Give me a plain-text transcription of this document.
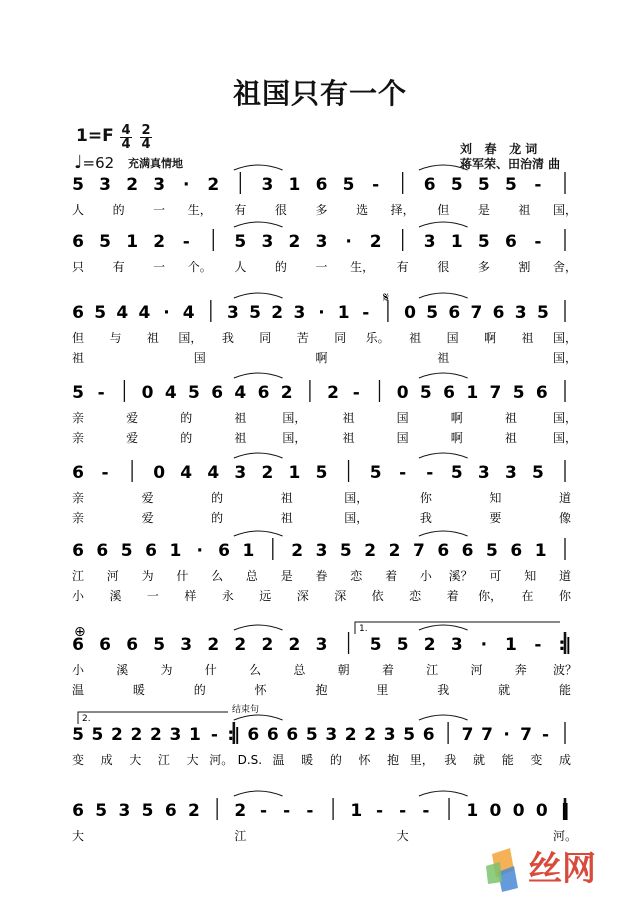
5 3 2 3 · 2 3 1 6 5 -	6 5 5 5 -
人 的 一 生， 有 很 多 选 择， 但 是 祖 国，
6 5 1 2 -	5 3 2 3 · 2 3 1 5 6 -
只 有 一 个。 人 的 一 生， 有 很 多 割 舍，
6 5 4 4 · 4 3 5 2 3 · 1 - 0 5 6 7 6 3 5
但 与 祖 国， 我 同 苦 同 乐。 祖 国 啊 祖 国，
祖	国	啊	祖	国，
5 - 0 4 5 6 4 6 2 2 - 0 5 6 1 7 5 6
亲	爱	的	祖	国，	祖	国	啊	祖	国，
亲	爱	的	祖	国，	祖	国	啊	祖	国，
6 -	0 4 4 3 2 1 5 5 - - 5 3 3 5
亲	爱	的	祖	国，	你	知	道
亲	爱	的	祖	国，	我	要	像
6 6 5 6 1 · 6 1 2 3 5 2 2 7 6 6 5 6 1
江 河 为 什 么 总 是 眷 恋 着 小 溪？ 可 知 道
小 溪 一 样 永 远 深 深 依 恋 着 你， 在 你
6 6 6 5 3 2 2 2 2 3 5 5 2 3 · 1 - :|
1.
小	溪	为	什	么	总	朝	着	江	河	奔 波？
温	暖	的	怀	抱	里	我	就	能
5 5 2 2 2 3 1 - :| 6 6 6 5 3 2 2 3 5 6 7 7 · 7 -
2.
结束句
变 成 大 江 大 河。 D.S. 温 暖 的 怀 抱 里， 我 就 能 变 成
6 5 3 5 6 2 2 - - - 1 - - - 1 0 0 0 ‖
大	江	大	河。
𝄋
⊕
祖国只有一个
1=F 4
4
2
4
♩=62 充满真情地
刘   春   龙 词
蒋军荣、田治清 曲
丝网
